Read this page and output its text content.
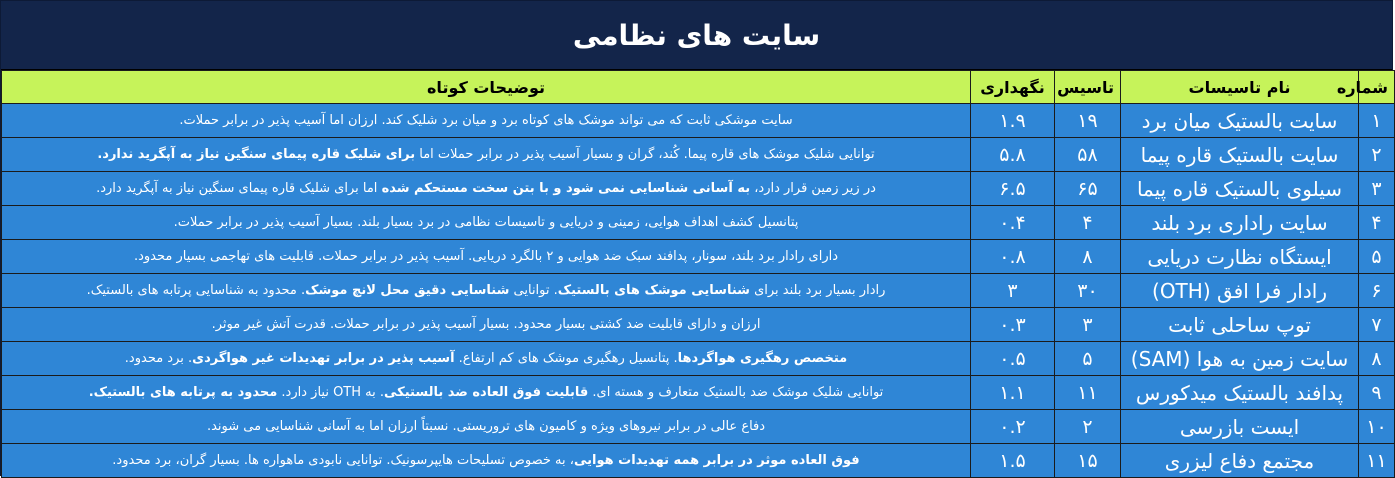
سایت های نظامی
شماره	نام تاسیسات	تاسیس	نگهداری	توضیحات کوتاه
۱	سایت بالستیک میان برد	۱۹	۱.۹	سایت موشکی ثابت که می تواند موشک های کوتاه برد و میان برد شلیک کند. ارزان اما آسیب پذیر در برابر حملات.
۲	سایت بالستیک قاره پیما	۵۸	۵.۸	توانایی شلیک موشک های قاره پیما. کُند، گران و بسیار آسیب پذیر در برابر حملات اما برای شلیک قاره پیمای سنگین نیاز به آپگرید ندارد.
۳	سیلوی بالستیک قاره پیما	۶۵	۶.۵	در زیر زمین قرار دارد، به آسانی شناسایی نمی شود و با بتن سخت مستحکم شده اما برای شلیک قاره پیمای سنگین نیاز به آپگرید دارد.
۴	سایت راداری برد بلند	۴	۰.۴	پتانسیل کشف اهداف هوایی، زمینی و دریایی و تاسیسات نظامی در برد بسیار بلند. بسیار آسیب پذیر در برابر حملات.
۵	ایستگاه نظارت دریایی	۸	۰.۸	دارای رادار برد بلند، سونار، پدافند سبک ضد هوایی و ۲ بالگرد دریایی. آسیب پذیر در برابر حملات. قابلیت های تهاجمی بسیار محدود.
۶	رادار فرا افق (OTH)	۳۰	۳	رادار بسیار برد بلند برای شناسایی موشک های بالستیک. توانایی شناسایی دقیق محل لانچ موشک. محدود به شناسایی پرتابه های بالستیک.
۷	توپ ساحلی ثابت	۳	۰.۳	ارزان و دارای قابلیت ضد کشتی بسیار محدود. بسیار آسیب پذیر در برابر حملات. قدرت آتش غیر موثر.
۸	سایت زمین به هوا (SAM)	۵	۰.۵	متخصص رهگیری هواگردها. پتانسیل رهگیری موشک های کم ارتفاع. آسیب پذیر در برابر تهدیدات غیر هواگردی. برد محدود.
۹	پدافند بالستیک میدکورس	۱۱	۱.۱	توانایی شلیک موشک ضد بالستیک متعارف و هسته ای. قابلیت فوق العاده ضد بالستیکی. به OTH نیاز دارد. محدود به پرتابه های بالستیک.
۱۰	ایست بازرسی	۲	۰.۲	دفاع عالی در برابر نیروهای ویژه و کامیون های تروریستی. نسبتاً ارزان اما به آسانی شناسایی می شوند.
۱۱	مجتمع دفاع لیزری	۱۵	۱.۵	فوق العاده موثر در برابر همه تهدیدات هوایی، به خصوص تسلیحات هایپرسونیک. توانایی نابودی ماهواره ها. بسیار گران، برد محدود.
